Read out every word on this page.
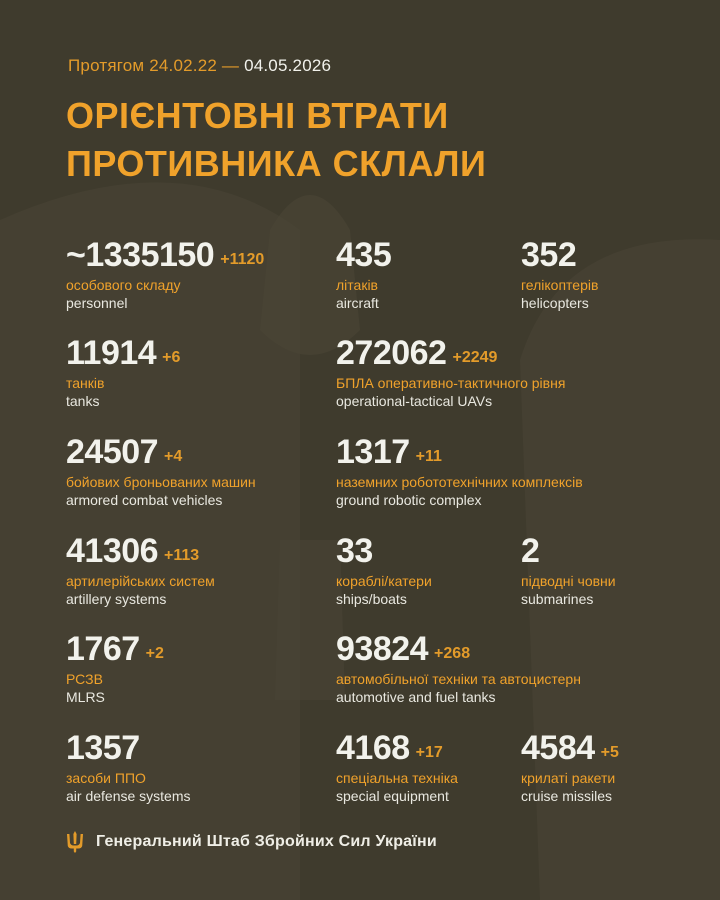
Протягом 24.02.22 — 04.05.2026
ОРІЄНТОВНІ ВТРАТИ
ПРОТИВНИКА СКЛАЛИ
~1335150 +1120
особового складу
personnel
435
літаків
aircraft
352
гелікоптерів
helicopters
11914 +6
танків
tanks
272062 +2249
БПЛА оперативно-тактичного рівня
operational-tactical UAVs
24507 +4
бойових броньованих машин
armored combat vehicles
1317 +11
наземних робототехнічних комплексів
ground robotic complex
41306 +113
артилерійських систем
artillery systems
33
кораблі/катери
ships/boats
2
підводні човни
submarines
1767 +2
РСЗВ
MLRS
93824 +268
автомобільної техніки та автоцистерн
automotive and fuel tanks
1357
засоби ППО
air defense systems
4168 +17
спеціальна техніка
special equipment
4584 +5
крилаті ракети
cruise missiles
Генеральний Штаб Збройних Сил України
